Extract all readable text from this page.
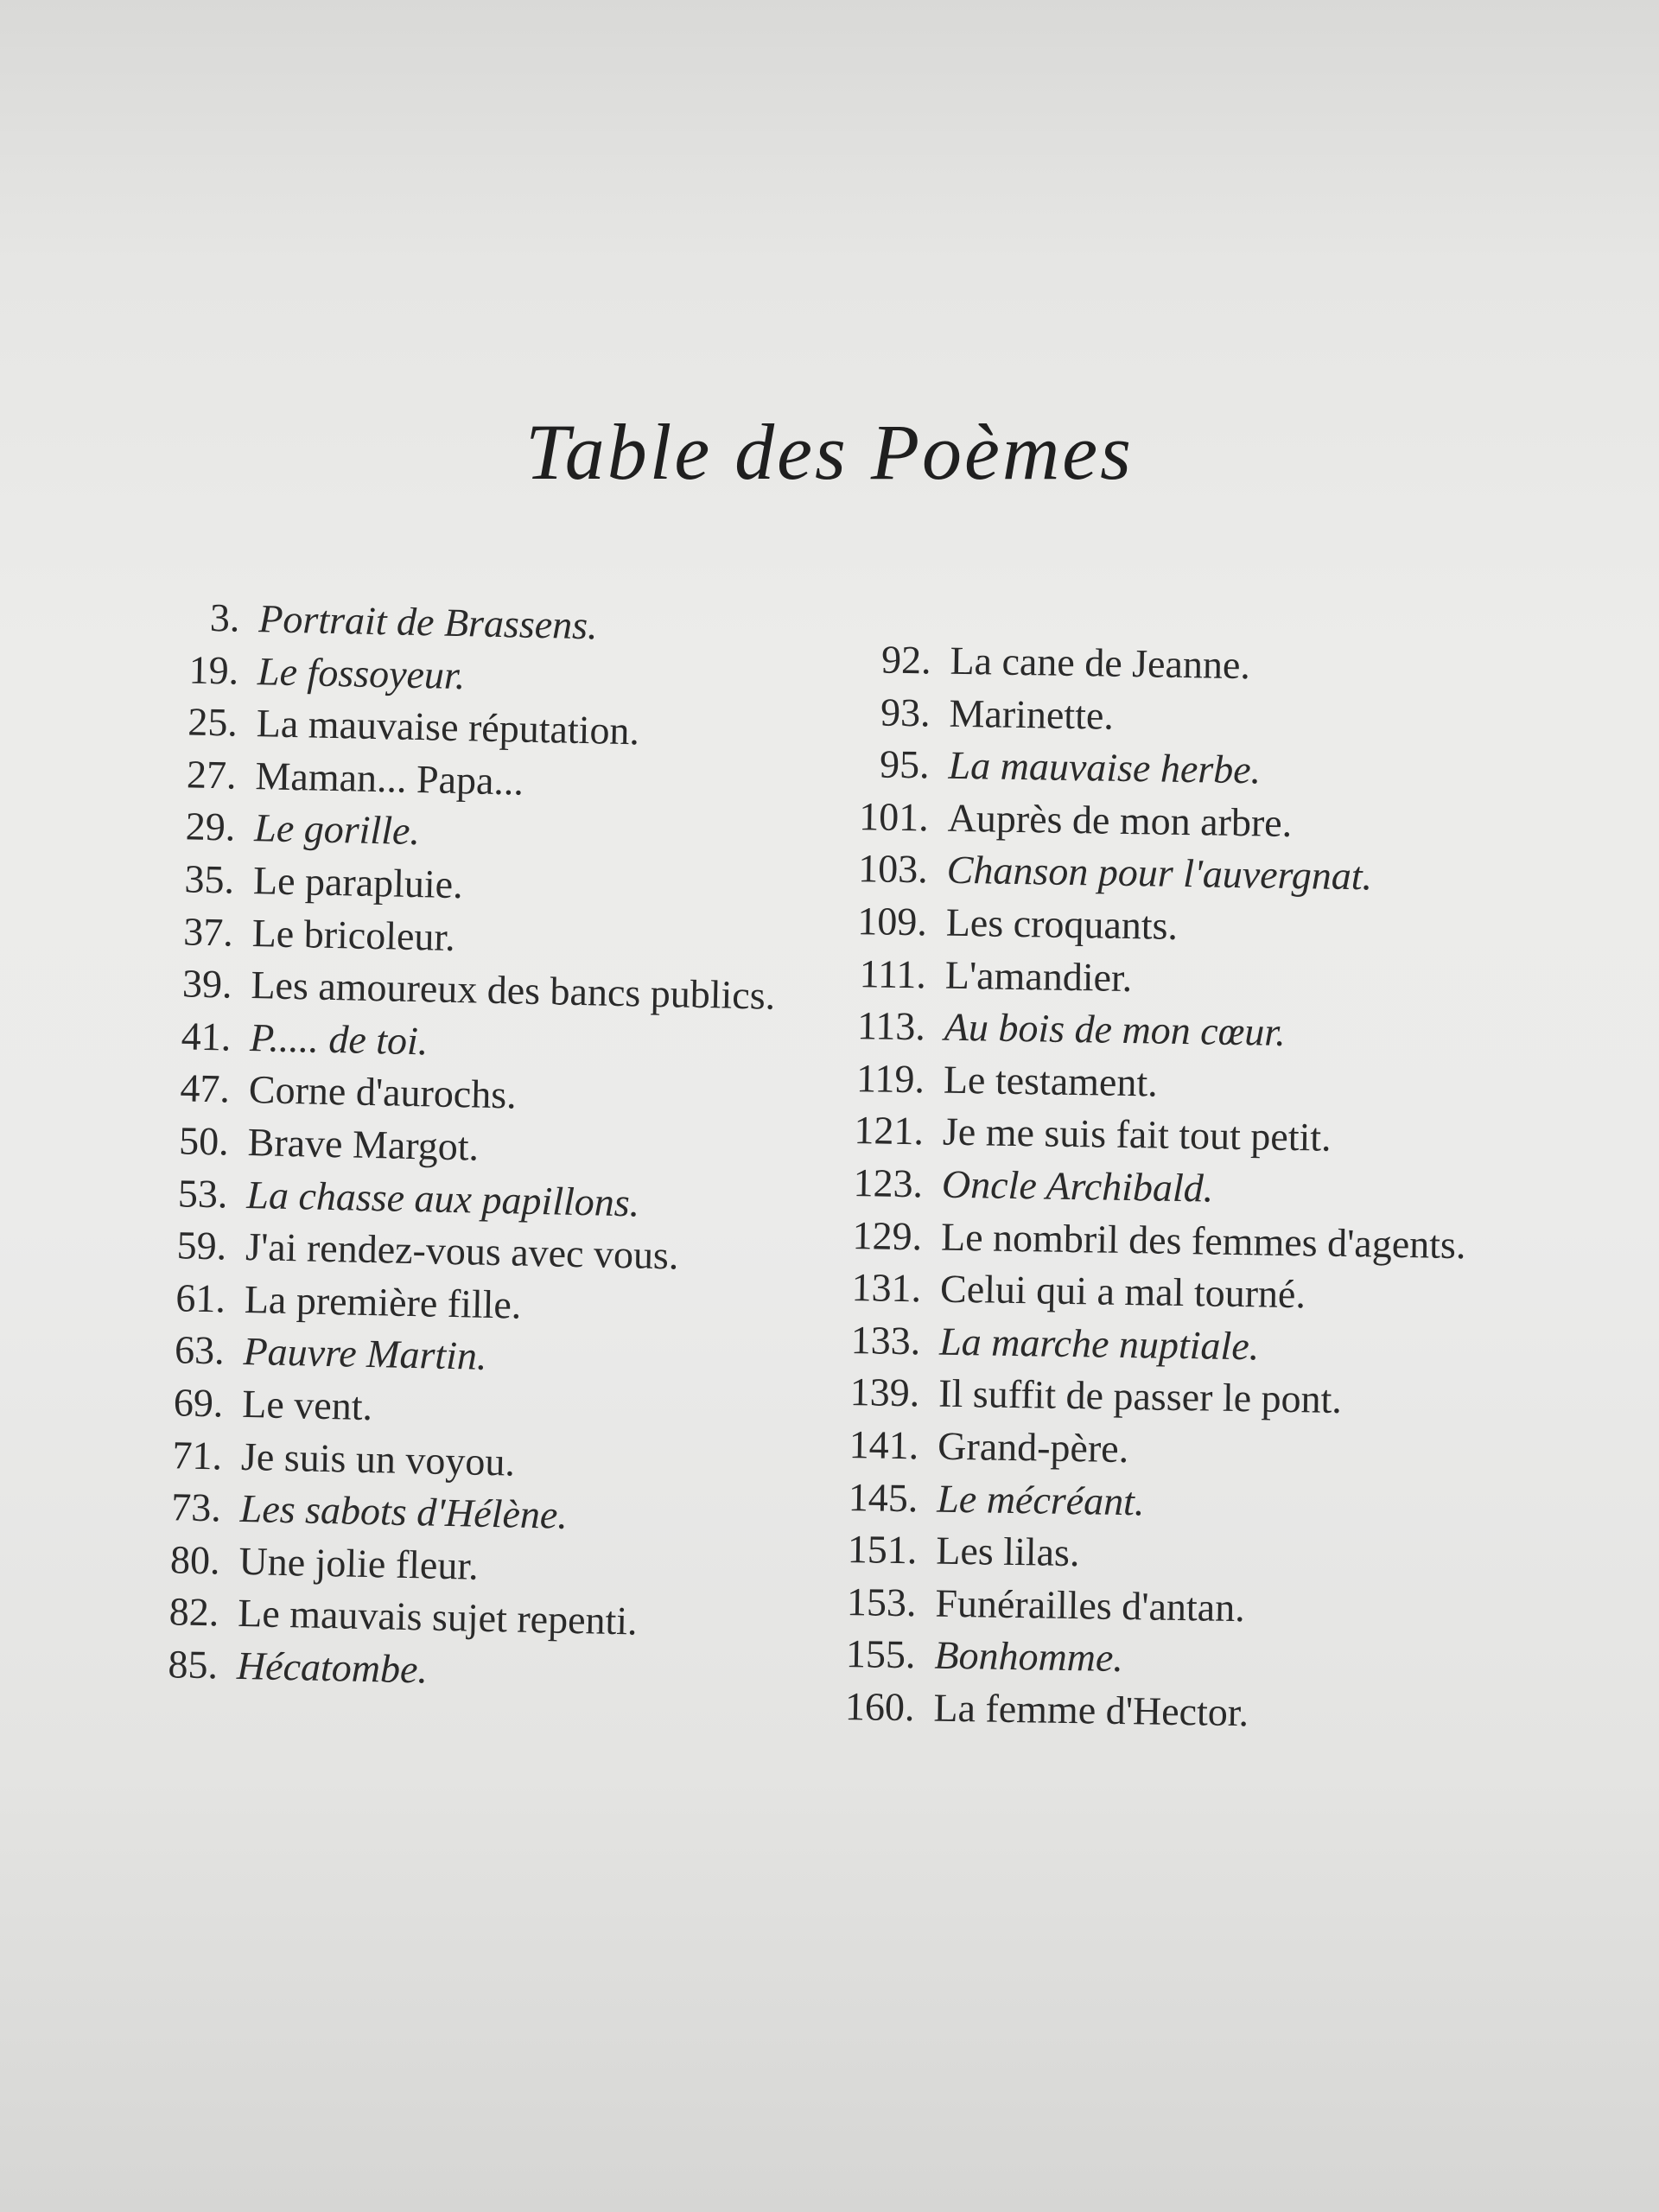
Table des Poèmes
3. Portrait de Brassens.
19. Le fossoyeur.
25. La mauvaise réputation.
27. Maman... Papa...
29. Le gorille.
35. Le parapluie.
37. Le bricoleur.
39. Les amoureux des bancs publics.
41. P..... de toi.
47. Corne d'aurochs.
50. Brave Margot.
53. La chasse aux papillons.
59. J'ai rendez-vous avec vous.
61. La première fille.
63. Pauvre Martin.
69. Le vent.
71. Je suis un voyou.
73. Les sabots d'Hélène.
80. Une jolie fleur.
82. Le mauvais sujet repenti.
85. Hécatombe.
92. La cane de Jeanne.
93. Marinette.
95. La mauvaise herbe.
101. Auprès de mon arbre.
103. Chanson pour l'auvergnat.
109. Les croquants.
111. L'amandier.
113. Au bois de mon cœur.
119. Le testament.
121. Je me suis fait tout petit.
123. Oncle Archibald.
129. Le nombril des femmes d'agents.
131. Celui qui a mal tourné.
133. La marche nuptiale.
139. Il suffit de passer le pont.
141. Grand-père.
145. Le mécréant.
151. Les lilas.
153. Funérailles d'antan.
155. Bonhomme.
160. La femme d'Hector.
